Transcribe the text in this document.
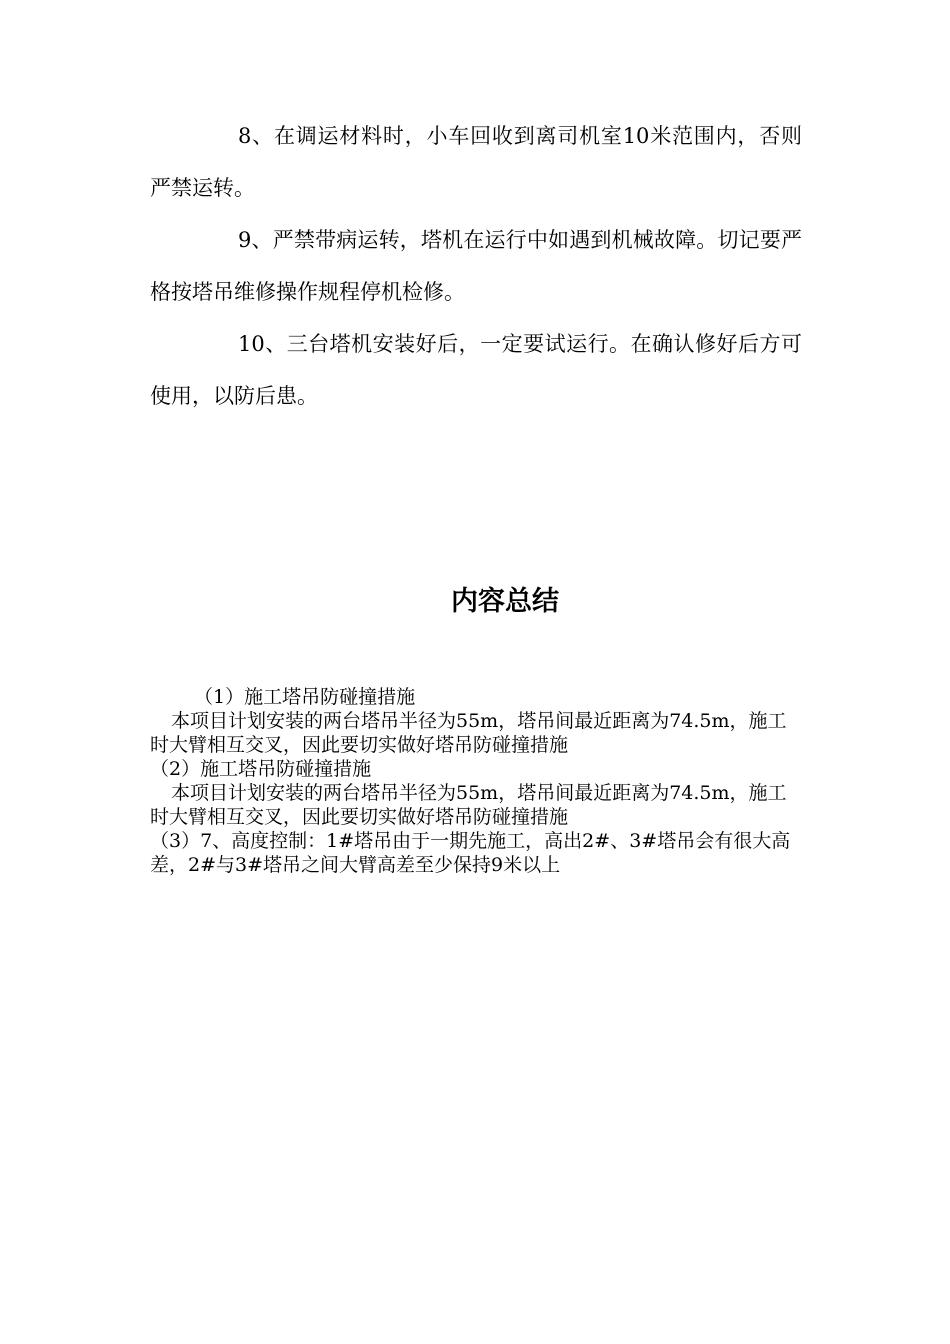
8、在调运材料时，小车回收到离司机室10米范围内，否则严禁运转。

9、严禁带病运转，塔机在运行中如遇到机械故障。切记要严格按塔吊维修操作规程停机检修。

10、三台塔机安装好后，一定要试运行。在确认修好后方可使用，以防后患。

内容总结

（1）施工塔吊防碰撞措施

本项目计划安装的两台塔吊半径为55m，塔吊间最近距离为74.5m，施工时大臂相互交叉，因此要切实做好塔吊防碰撞措施

（2）施工塔吊防碰撞措施

本项目计划安装的两台塔吊半径为55m，塔吊间最近距离为74.5m，施工时大臂相互交叉，因此要切实做好塔吊防碰撞措施

（3）7、高度控制：1#塔吊由于一期先施工，高出2#、3#塔吊会有很大高差，2#与3#塔吊之间大臂高差至少保持9米以上
